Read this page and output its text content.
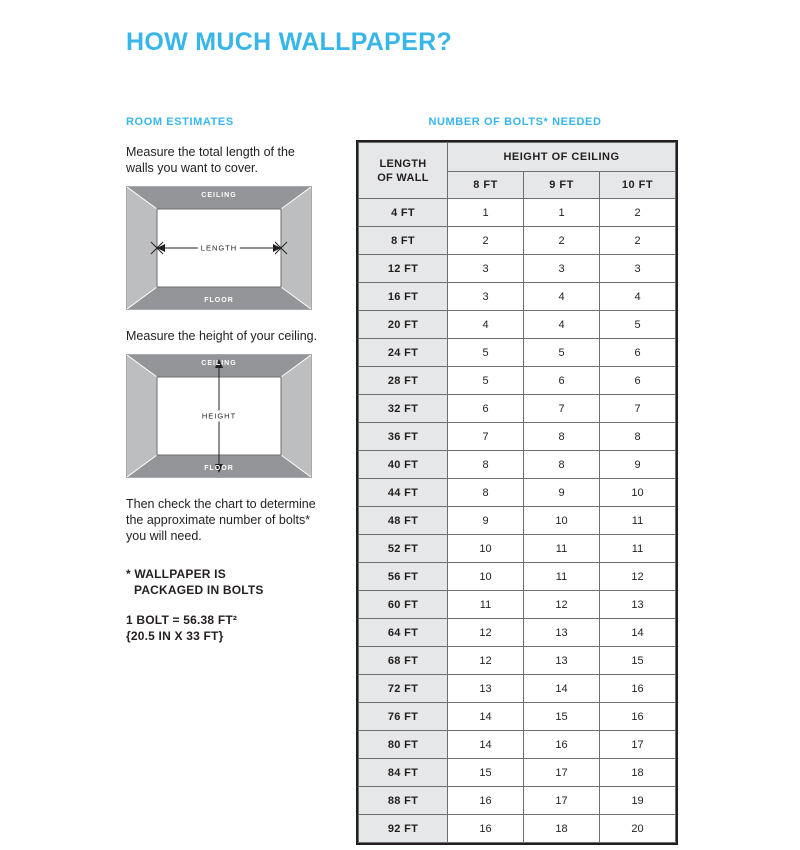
HOW MUCH WALLPAPER?
ROOM ESTIMATES

Measure the total length of the walls you want to cover.

CEILING
FLOOR
LENGTH

Measure the height of your ceiling.

CEILING
FLOOR
HEIGHT

Then check the chart to determine the approximate number of bolts* you will need.

* WALLPAPER IS
PACKAGED IN BOLTS
1 BOLT = 56.38 FT²
{20.5 IN X 33 FT}
NUMBER OF BOLTS* NEEDED
LENGTH
OF WALL	HEIGHT OF CEILING		
	8 FT	9 FT	10 FT
4 FT	1	1	2
8 FT	2	2	2
12 FT	3	3	3
16 FT	3	4	4
20 FT	4	4	5
24 FT	5	5	6
28 FT	5	6	6
32 FT	6	7	7
36 FT	7	8	8
40 FT	8	8	9
44 FT	8	9	10
48 FT	9	10	11
52 FT	10	11	11
56 FT	10	11	12
60 FT	11	12	13
64 FT	12	13	14
68 FT	12	13	15
72 FT	13	14	16
76 FT	14	15	16
80 FT	14	16	17
84 FT	15	17	18
88 FT	16	17	19
92 FT	16	18	20
